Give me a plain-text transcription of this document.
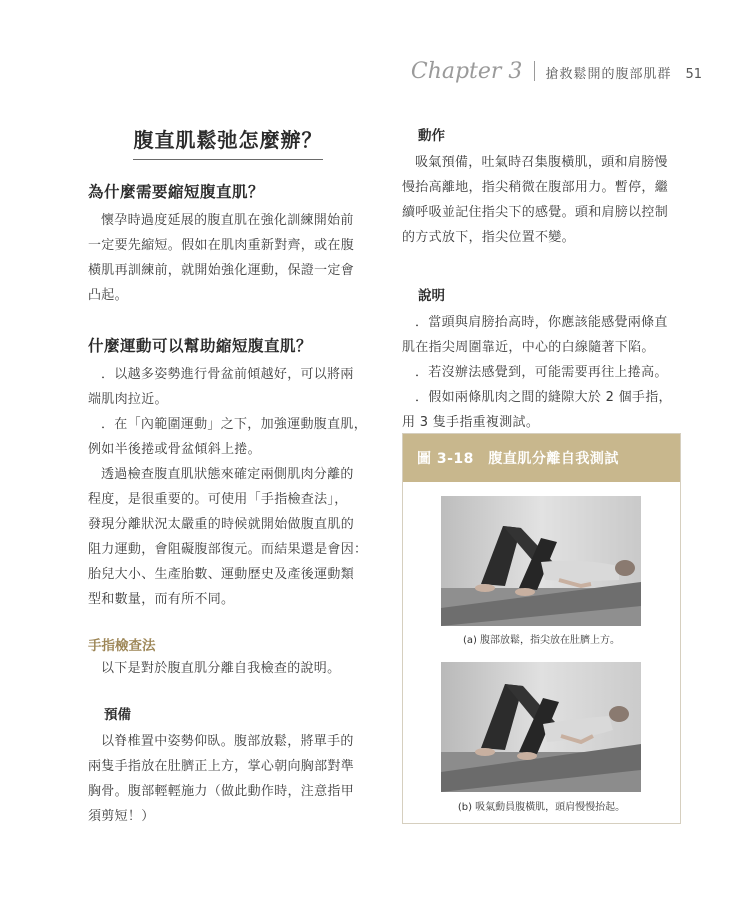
Chapter 3 搶救鬆開的腹部肌群 51
腹直肌鬆弛怎麼辦？
為什麼需要縮短腹直肌？

懷孕時過度延展的腹直肌在強化訓練開始前

一定要先縮短。假如在肌肉重新對齊，或在腹

橫肌再訓練前，就開始強化運動，保證一定會

凸起。

什麼運動可以幫助縮短腹直肌？

．以越多姿勢進行骨盆前傾越好，可以將兩

端肌肉拉近。

．在「內範圍運動」之下，加強運動腹直肌，

例如半後捲或骨盆傾斜上捲。

透過檢查腹直肌狀態來確定兩側肌肉分離的

程度，是很重要的。可使用「手指檢查法」，

發現分離狀況太嚴重的時候就開始做腹直肌的

阻力運動，會阻礙腹部復元。而結果還是會因：

胎兒大小、生產胎數、運動歷史及產後運動類

型和數量，而有所不同。

手指檢查法

以下是對於腹直肌分離自我檢查的說明。

預備

以脊椎置中姿勢仰臥。腹部放鬆，將單手的

兩隻手指放在肚臍正上方，掌心朝向胸部對準

胸骨。腹部輕輕施力（做此動作時，注意指甲

須剪短！）

動作

吸氣預備，吐氣時召集腹橫肌，頭和肩膀慢

慢抬高離地，指尖稍微在腹部用力。暫停，繼

續呼吸並記住指尖下的感覺。頭和肩膀以控制

的方式放下，指尖位置不變。

說明

．當頭與肩膀抬高時，你應該能感覺兩條直

肌在指尖周圍靠近，中心的白線隨著下陷。

．若沒辦法感覺到，可能需要再往上捲高。

．假如兩條肌肉之間的縫隙大於 2 個手指，

用 3 隻手指重複測試。

圖 3-18　腹直肌分離自我測試
(a) 腹部放鬆，指尖放在肚臍上方。
(b) 吸氣動員腹橫肌，頭肩慢慢抬起。
